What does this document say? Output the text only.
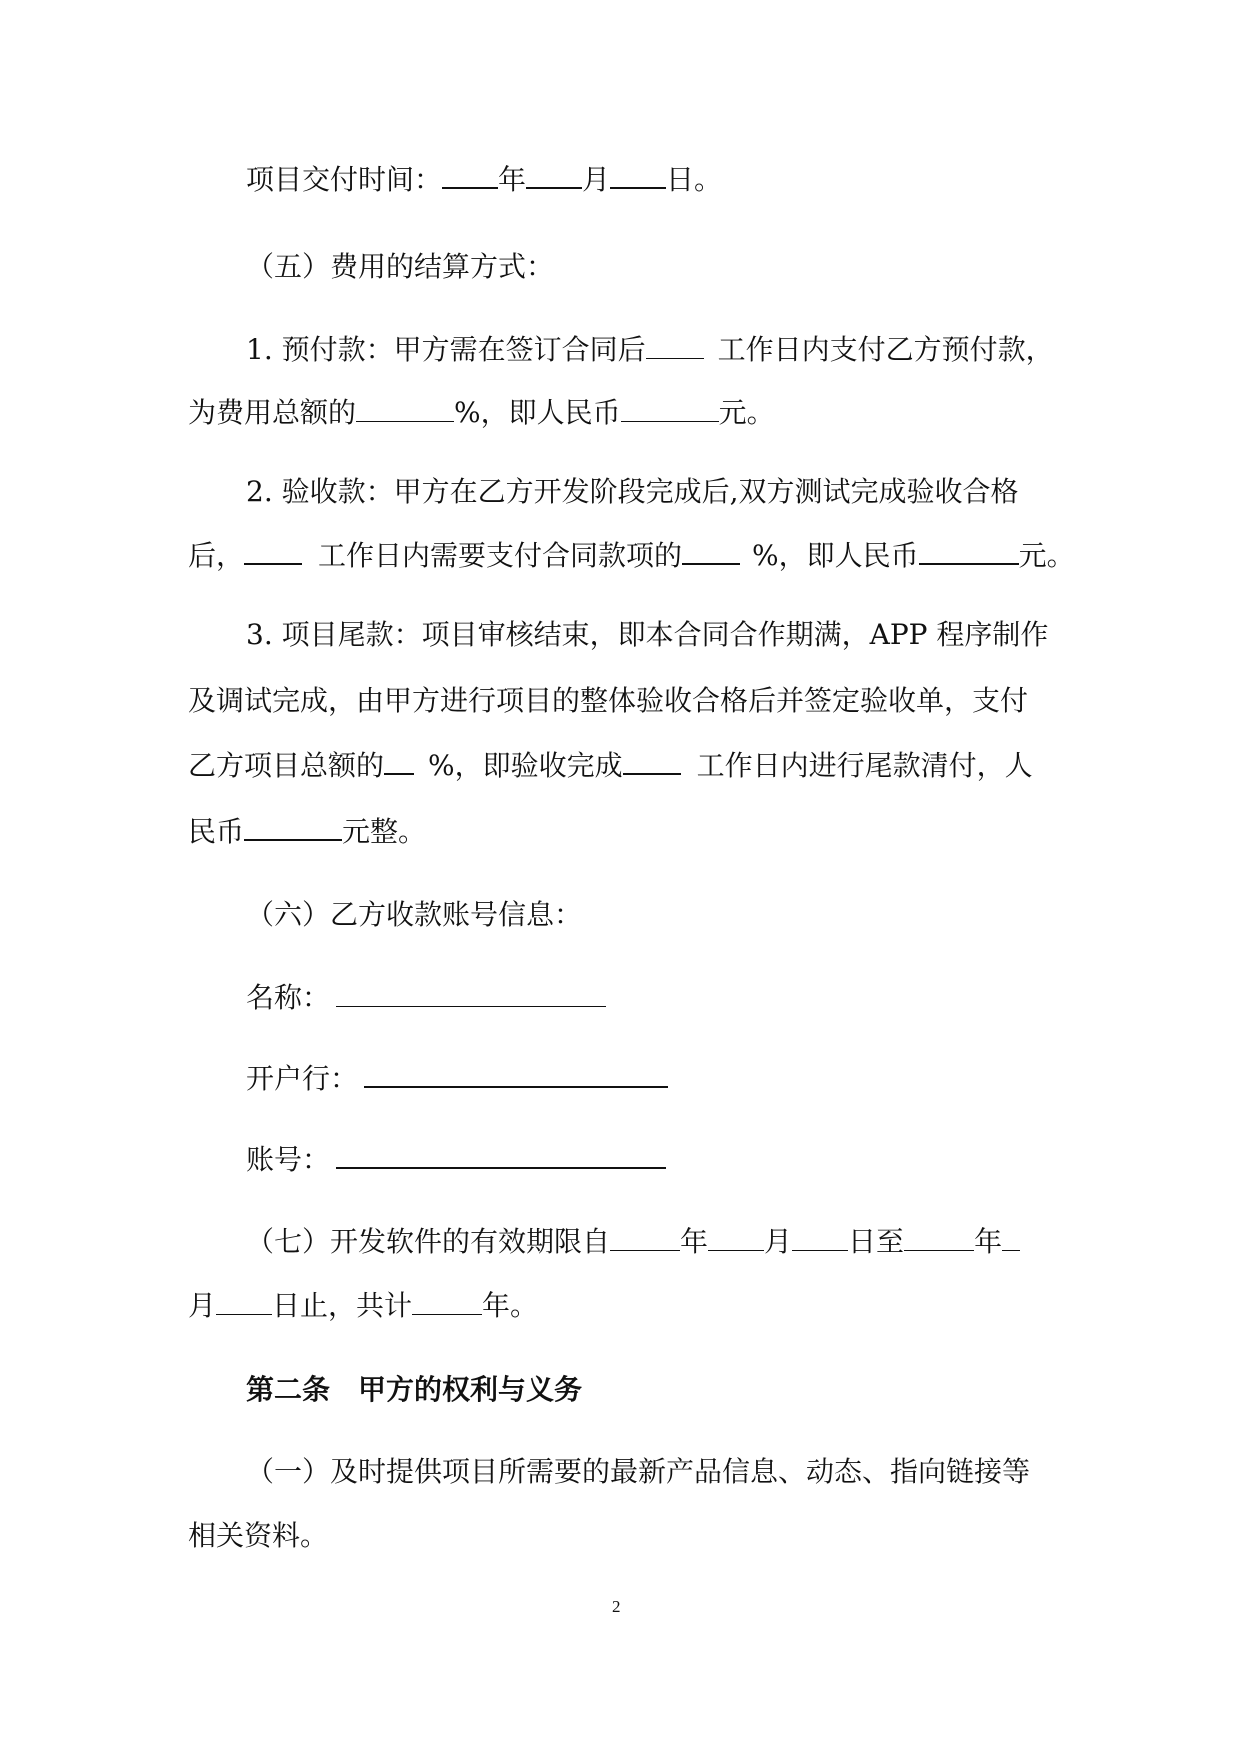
项目交付时间： 年 月 日。
（五）费用的结算方式：
1. 预付款：甲方需在签订合同后	工作日内支付乙方预付款，
为费用总额的	%，即人民币	元。
2. 验收款：甲方在乙方开发阶段完成后,双方测试完成验收合格
后，	工作日内需要支付合同款项的	%，即人民币	元。
3. 项目尾款：项目审核结束，即本合同合作期满，APP 程序制作
及调试完成，由甲方进行项目的整体验收合格后并签定验收单，支付
乙方项目总额的 %，即验收完成	工作日内进行尾款清付，人
民币	元整。
（六）乙方收款账号信息：
名称：
开户行：
账号：
（七）开发软件的有效期限自	年 月 日至	年
月 日止，共计	年。
第二条　甲方的权利与义务
（一）及时提供项目所需要的最新产品信息、动态、指向链接等
相关资料。
2
